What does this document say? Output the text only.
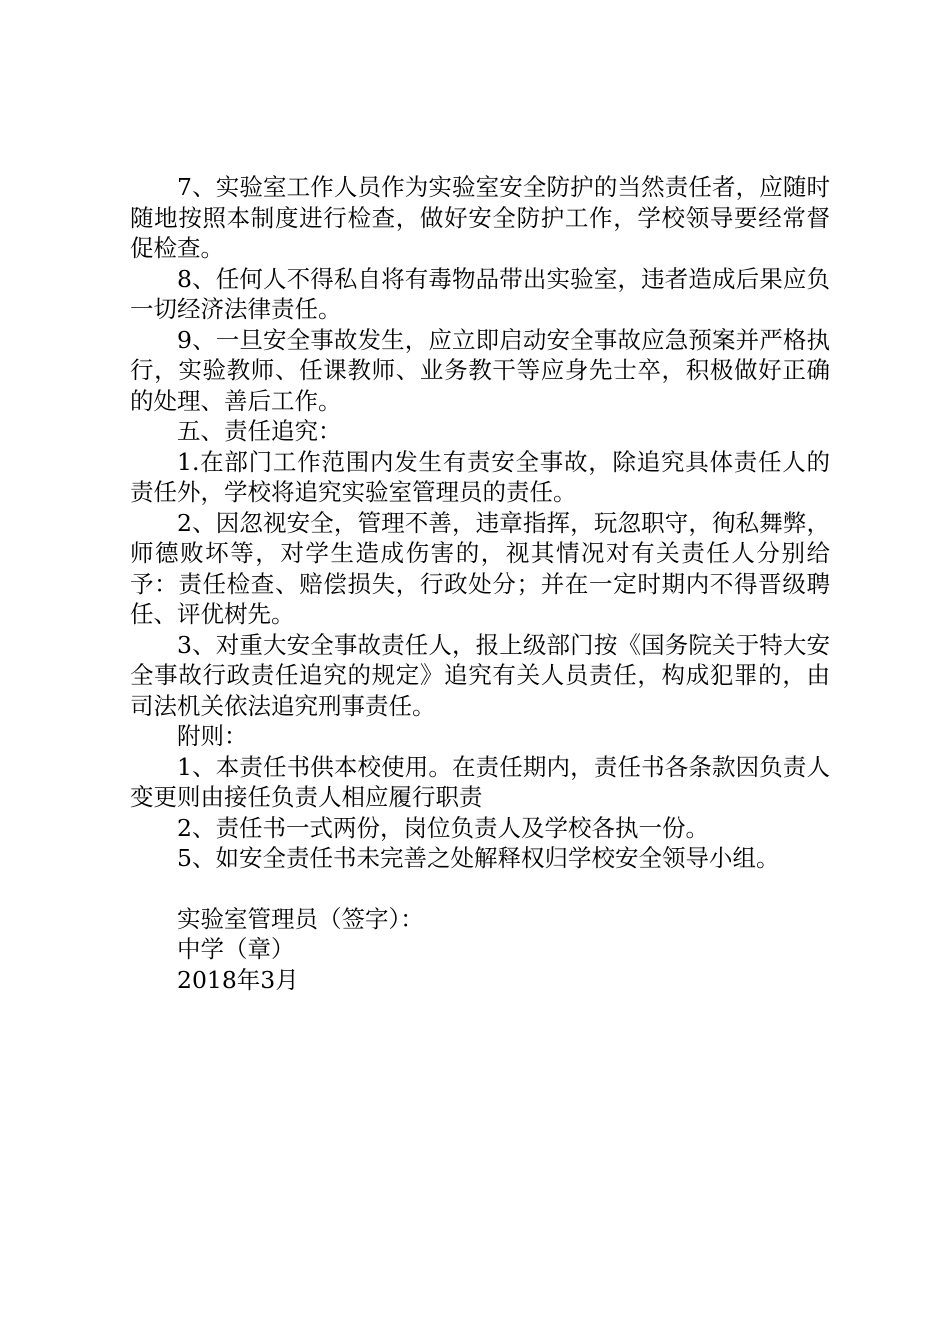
7、实验室工作人员作为实验室安全防护的当然责任者，应随时随地按照本制度进行检查，做好安全防护工作，学校领导要经常督促检查。

8、任何人不得私自将有毒物品带出实验室，违者造成后果应负一切经济法律责任。

9、一旦安全事故发生，应立即启动安全事故应急预案并严格执行，实验教师、任课教师、业务教干等应身先士卒，积极做好正确的处理、善后工作。

五、责任追究：

1.在部门工作范围内发生有责安全事故，除追究具体责任人的责任外，学校将追究实验室管理员的责任。

2、因忽视安全，管理不善，违章指挥，玩忽职守，徇私舞弊，师德败坏等，对学生造成伤害的，视其情况对有关责任人分别给予：责任检查、赔偿损失，行政处分；并在一定时期内不得晋级聘任、评优树先。

3、对重大安全事故责任人，报上级部门按《国务院关于特大安全事故行政责任追究的规定》追究有关人员责任，构成犯罪的，由司法机关依法追究刑事责任。

附则：

1、本责任书供本校使用。在责任期内，责任书各条款因负责人变更则由接任负责人相应履行职责

2、责任书一式两份，岗位负责人及学校各执一份。

5、如安全责任书未完善之处解释权归学校安全领导小组。

实验室管理员（签字）：

中学（章）

2018年3月
